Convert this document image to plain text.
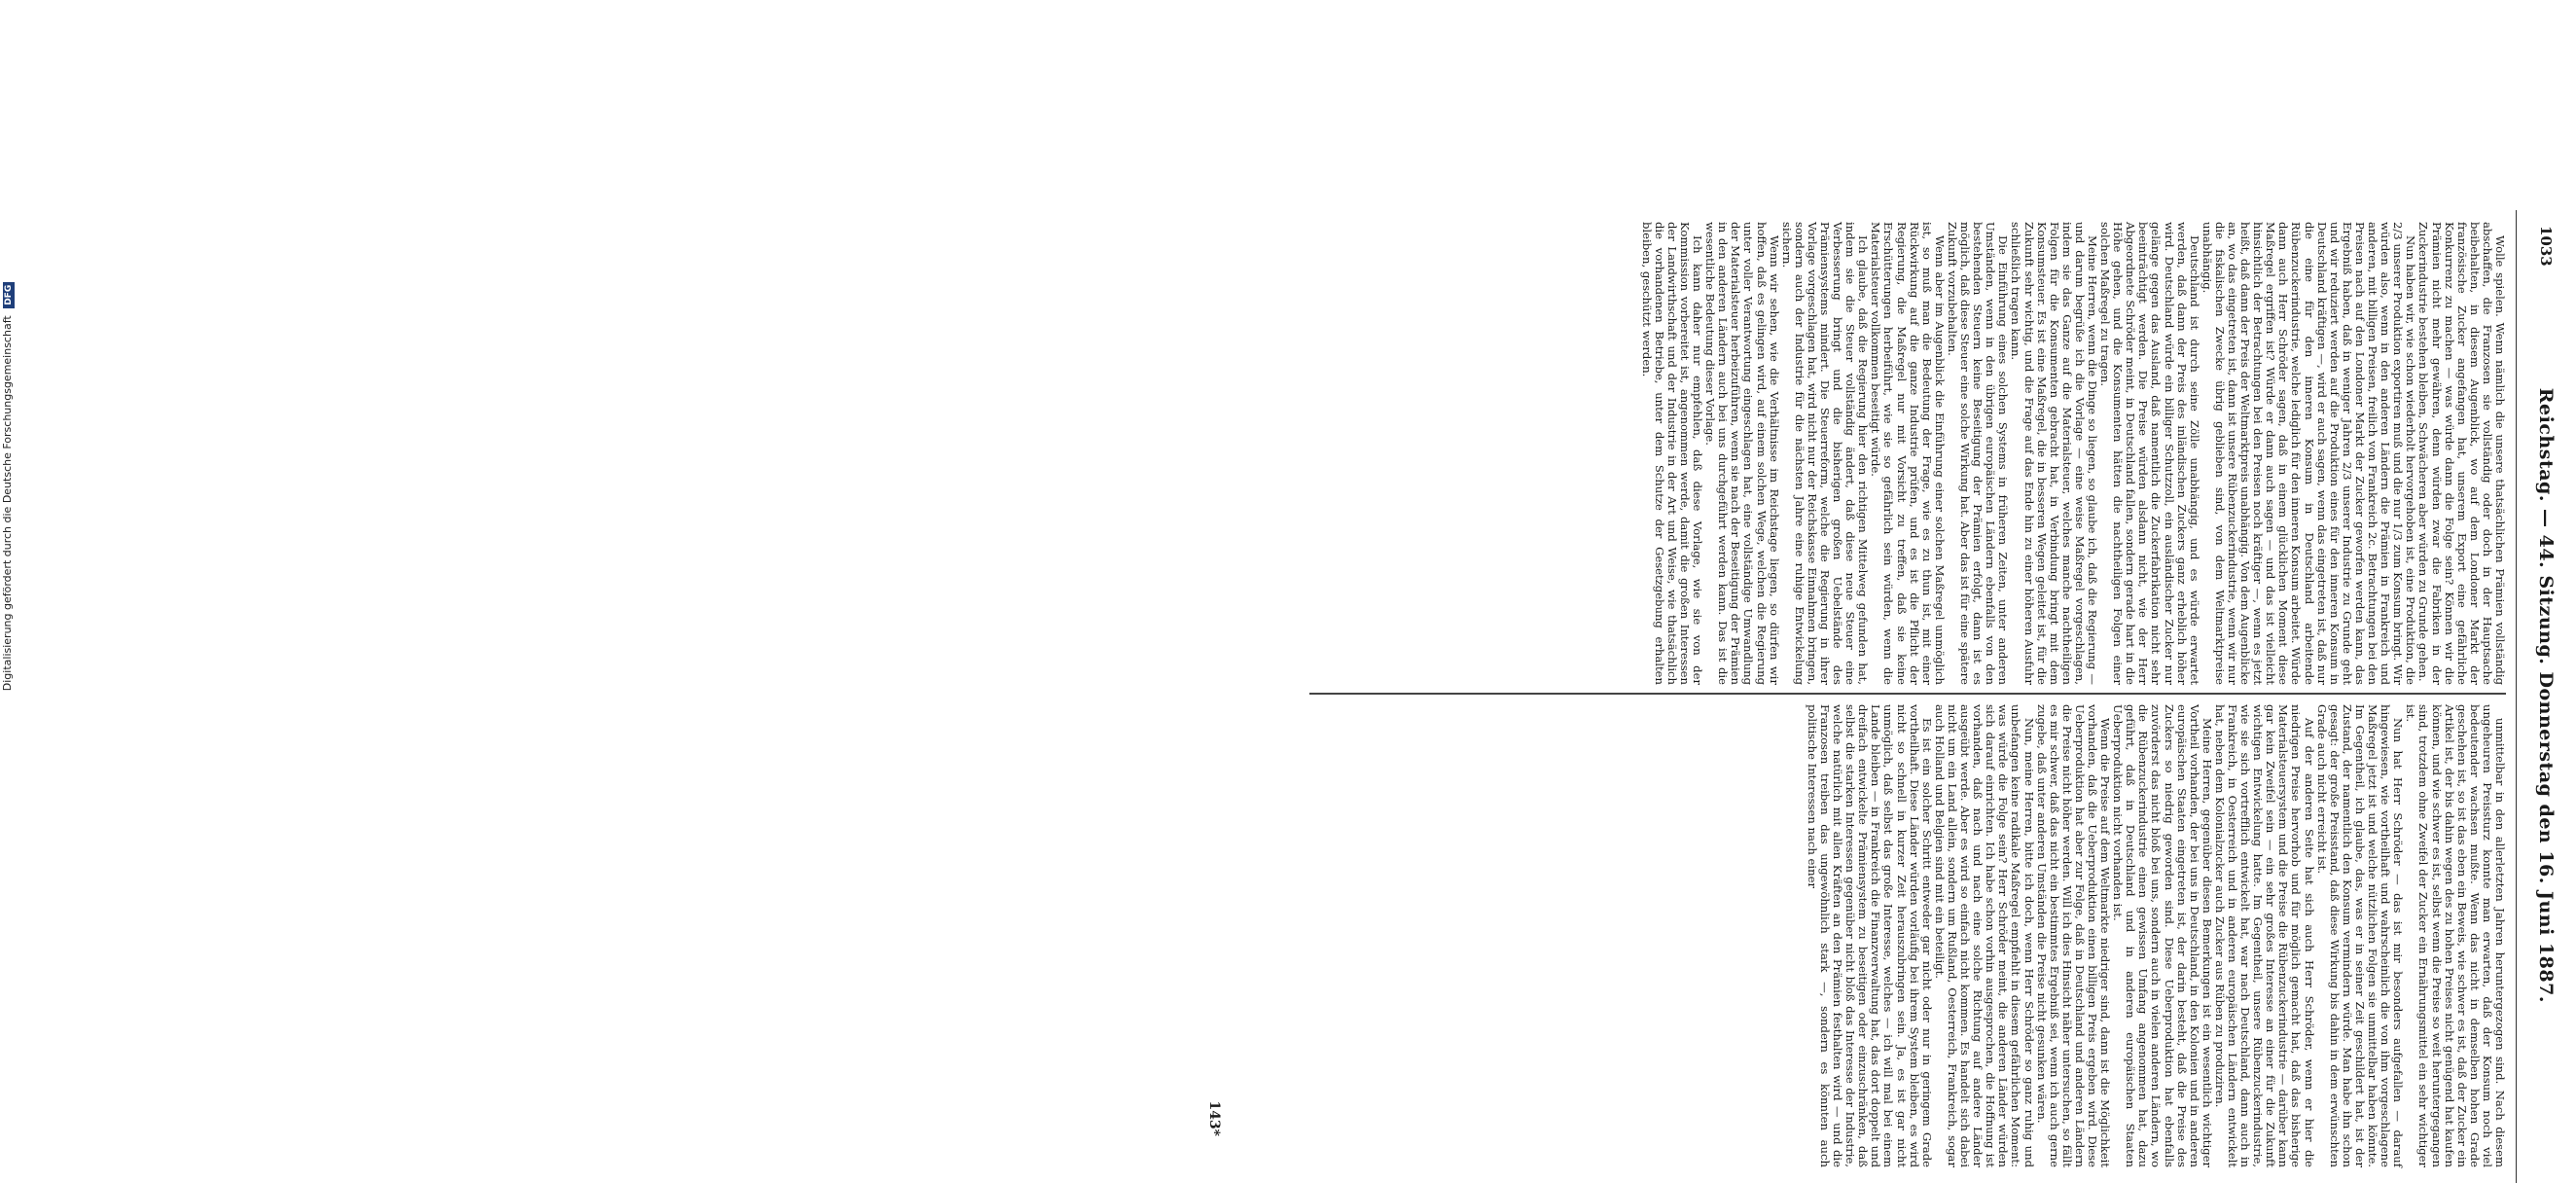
Digitalisierung gefördert durch die Deutsche Forschungsgemeinschaft DFG
1033
Reichstag. — 44. Sitzung. Donnerstag den 16. Juni 1887.

Wolle spielen. Wenn nämlich die unsere thatsächlichen Prämien vollständig abschaffen, die Franzosen sie vollständig oder doch in der Hauptsache beibehalten, in diesem Augenblick, wo auf dem Londoner Markt der französische Zucker angefangen hat, unserem Export eine gefährliche Konkurrenz zu machen — was würde dann die Folge sein? Können wir die Prämien nicht mehr gewähren, denn würden zwar die Fabriken in der Zuckerindustrie bestehen bleiben, Schwächeren aber würden zu Grunde gehen.

Nun haben wir, wie schon wiederholt hervorgehoben ist, eine Produktion, die 2/3 unserer Produktion exportiren muß und die nur 1/3 zum Konsum bringt. Wir würden also, wenn in den anderen Ländern die Prämien in Frankreich und anderen, mit billigen Preisen, freilich von Frankreich 2c. Betrachtungen bei den Preisen nach auf den Londoner Markt der Zucker geworfen werden kann, das Ergebniß haben, daß in weniger Jahren 2/3 unserer Industrie zu Grunde geht und wir reduziert werden auf die Produktion eines für den inneren Konsum in Deutschland kräftigen —, wird er auch sagen, wenn das eingetreten ist, daß nur die eine für den inneren Konsum in Deutschland arbeitende Rübenzuckerindustrie, welche lediglich für den inneren Konsum arbeitet. Würde dann auch Herr Schröder sagen, daß in einem glücklichen Moment diese Maßregel ergriffen ist? Würde er dann auch sagen — und das ist vielleicht hinsichtlich der Betrachtungen bei den Preisen noch kräftiger —, wenn es jetzt heißt, daß dann der Preis der Weltmarktpreis unabhängig. Von dem Augenblicke an, wo das eingetreten ist, dann ist unsere Rübenzuckerindustrie, wenn wir nur die fiskalischen Zwecke übrig geblieben sind, von dem Weltmarktpreise unabhängig.

Deutschland ist durch seine Zölle unabhängig, und es würde erwartet werden, daß dann der Preis des inländischen Zuckers ganz erheblich höher wird. Deutschland würde ein billiger Schutzzoll, ein ausländischer Zucker nur gelänge gegen das Ausland, daß namentlich die Zuckerfabrikation nicht sehr beeinträchtigt werden. Die Preise würden alsdann nicht, wie der Herr Abgeordnete Schröder meint, in Deutschland fallen, sondern gerade hart in die Höhe gehen, und die Konsumenten hätten die nachtheiligen Folgen einer solchen Maßregel zu tragen.

Meine Herren, wenn die Dinge so liegen, so glaube ich, daß die Regierung — und darum begrüße ich die Vorlage — eine weise Maßregel vorgeschlagen, indem sie das Ganze auf die Materialsteuer, welches manche nachtheiligen Folgen für die Konsumenten gebracht hat, in Verbindung bringt mit dem Konsumsteuer. Es ist eine Maßregel, die in besseren Wegen geleitet ist, für die Zukunft sehr wichtig, und die Frage auf das Ende hin zu einer höheren Ausfuhr schließlich tragen kann.

Die Einführung eines solchen Systems in früheren Zeiten, unter anderen Umständen, wenn in den übrigen europäischen Ländern ebenfalls von den bestehenden Steuern keine Beseitigung der Prämien erfolgt, dann ist es möglich, daß diese Steuer eine solche Wirkung hat. Aber das ist für eine spätere Zukunft vorzubehalten.

Wenn aber im Augenblick die Einführung einer solchen Maßregel unmöglich ist, so muß man die Bedeutung der Frage, wie es zu thun ist, mit einer Rückwirkung auf die ganze Industrie prüfen, und es ist die Pflicht der Regierung, die Maßregel nur mit Vorsicht zu treffen, daß sie keine Erschütterungen herbeiführt, wie sie so gefährlich sein würden, wenn die Materialsteuer vollkommen beseitigt würde.

Ich glaube, daß die Regierung hier den richtigen Mittelweg gefunden hat, indem sie die Steuer vollständig ändert, daß diese neue Steuer eine Verbesserung bringt und die bisherigen großen Uebelstände des Prämiensystems mindert. Die Steuerreform, welche die Regierung in ihrer Vorlage vorgeschlagen hat, wird nicht nur der Reichskasse Einnahmen bringen, sondern auch der Industrie für die nächsten Jahre eine ruhige Entwickelung sichern.

Wenn wir sehen, wie die Verhältnisse im Reichstage liegen, so dürfen wir hoffen, daß es gelingen wird, auf einem solchen Wege, welchen die Regierung unter voller Verantwortung eingeschlagen hat, eine vollständige Umwandlung der Materialsteuer herbeizuführen, wenn sie nach der Beseitigung der Prämien in den anderen Ländern auch bei uns durchgeführt werden kann. Das ist die wesentliche Bedeutung dieser Vorlage.

Ich kann daher nur empfehlen, daß diese Vorlage, wie sie von der Kommission vorbereitet ist, angenommen werde, damit die großen Interessen der Landwirthschaft und der Industrie in der Art und Weise, wie thatsächlich die vorhandenen Betriebe, unter dem Schutze der Gesetzgebung erhalten bleiben, geschützt werden.

unmittelbar in den allerletzten Jahren heruntergezogen sind. Nach diesem ungeheuren Preissturz konnte man erwarten, daß der Konsum noch viel bedeutender wachsen mußte. Wenn das nicht in demselben hohen Grade geschehen ist, so ist das eben ein Beweis, wie schwer es ist, daß der Zucker ein Artikel ist, der bis dahin wegen des zu hohen Preises nicht genügend hat kaufen können, und wie schwer es ist, selbst wenn die Preise so weit heruntergegangen sind, trotzdem ohne Zweifel der Zucker ein Ernährungsmittel ein sehr wichtiger ist.

Nun hat Herr Schröder — das ist mir besonders aufgefallen — darauf hingewiesen, wie vortheilhaft und wahrscheinlich die von ihm vorgeschlagene Maßregel jetzt ist und welche nützlichen Folgen sie unmittelbar haben könnte. Im Gegentheil, ich glaube, das, was er in seiner Zeit geschildert hat, ist der Zustand, der namentlich den Konsum vermindern würde. Man habe ihn schon gesagt: der große Preisstand, daß diese Wirkung bis dahin in dem erwünschten Grade auch nicht erreicht ist.

Auf der anderen Seite hat sich auch Herr Schröder, wenn er hier die niedrigen Preise hervorhob und für möglich gemacht hat, daß das bisherige Materialsteuersystem und die Preise die Rübenzuckerindustrie — darüber kann gar kein Zweifel sein — ein sehr großes Interesse an einer für die Zukunft wichtigen Entwickelung hatte. Im Gegentheil, unsere Rübenzuckerindustrie, wie sie sich vortrefflich entwickelt hat, war nach Deutschland, dann auch in Frankreich, in Oesterreich und in anderen europäischen Ländern entwickelt hat, neben dem Kolonialzucker auch Zucker aus Rüben zu produziren.

Meine Herren, gegenüber diesen Bemerkungen ist ein wesentlich wichtiger Vortheil vorhanden, der bei uns in Deutschland, in den Kolonien und in anderen europäischen Staaten eingetreten ist, der darin besteht, daß die Preise des Zuckers so niedrig geworden sind. Diese Ueberproduktion hat ebenfalls zuvörderst das nicht bloß bei uns, sondern auch in vielen anderen Ländern, wo die Rübenzuckerindustrie einen gewissen Umfang angenommen hat, dazu geführt, daß in Deutschland und in anderen europäischen Staaten Ueberproduktion nicht vorhanden ist.

Wenn die Preise auf dem Weltmarkte niedriger sind, dann ist die Möglichkeit vorhanden, daß die Ueberproduktion einen billigen Preis ergeben wird. Diese Ueberproduktion hat aber zur Folge, daß in Deutschland und anderen Ländern die Preise nicht höher werden. Will ich dies Hinsicht näher untersuchen, so fällt es mir schwer, daß das nicht ein bestimmtes Ergebniß sei, wenn ich auch gerne zugebe, daß unter anderen Umständen die Preise nicht gesunken wären.

Nun, meine Herren, bitte ich doch, wenn Herr Schröder so ganz ruhig und unbefangen keine radikale Maßregel empfiehlt in diesem gefährlichen Moment: was würde die Folge sein? Herr Schröder meint, die anderen Länder würden sich darauf einrichten. Ich habe schon vorhin ausgesprochen, die Hoffnung ist vorhanden, daß nach und nach eine solche Richtung auf andere Länder ausgeübt werde. Aber es wird so einfach nicht kommen. Es handelt sich dabei nicht um ein Land allein, sondern um Rußland, Oesterreich, Frankreich, sogar auch Holland und Belgien sind mit ein beteiligt.

Es ist ein solcher Schritt entweder gar nicht oder nur in geringem Grade vortheilhaft. Diese Länder würden vorläufig bei ihrem System bleiben, es wird nicht so schnell in kurzer Zeit herauszubringen sein. Ja, es ist gar nicht unmöglich, daß selbst das große Interesse, welches — ich will mal bei einem Lande bleiben — in Frankreich die Finanzverwaltung hat, das dort doppelt und dreifach entwickelte Prämiensystem zu beseitigen oder einzuschränken, daß selbst die starken Interessen gegenüber nicht bloß das Interesse der Industrie, welche natürlich mit allen Kräften an den Prämien festhalten wird — und die Franzosen treiben das ungewöhnlich stark —, sondern es könnten auch politische Interessen nach einer

143*
